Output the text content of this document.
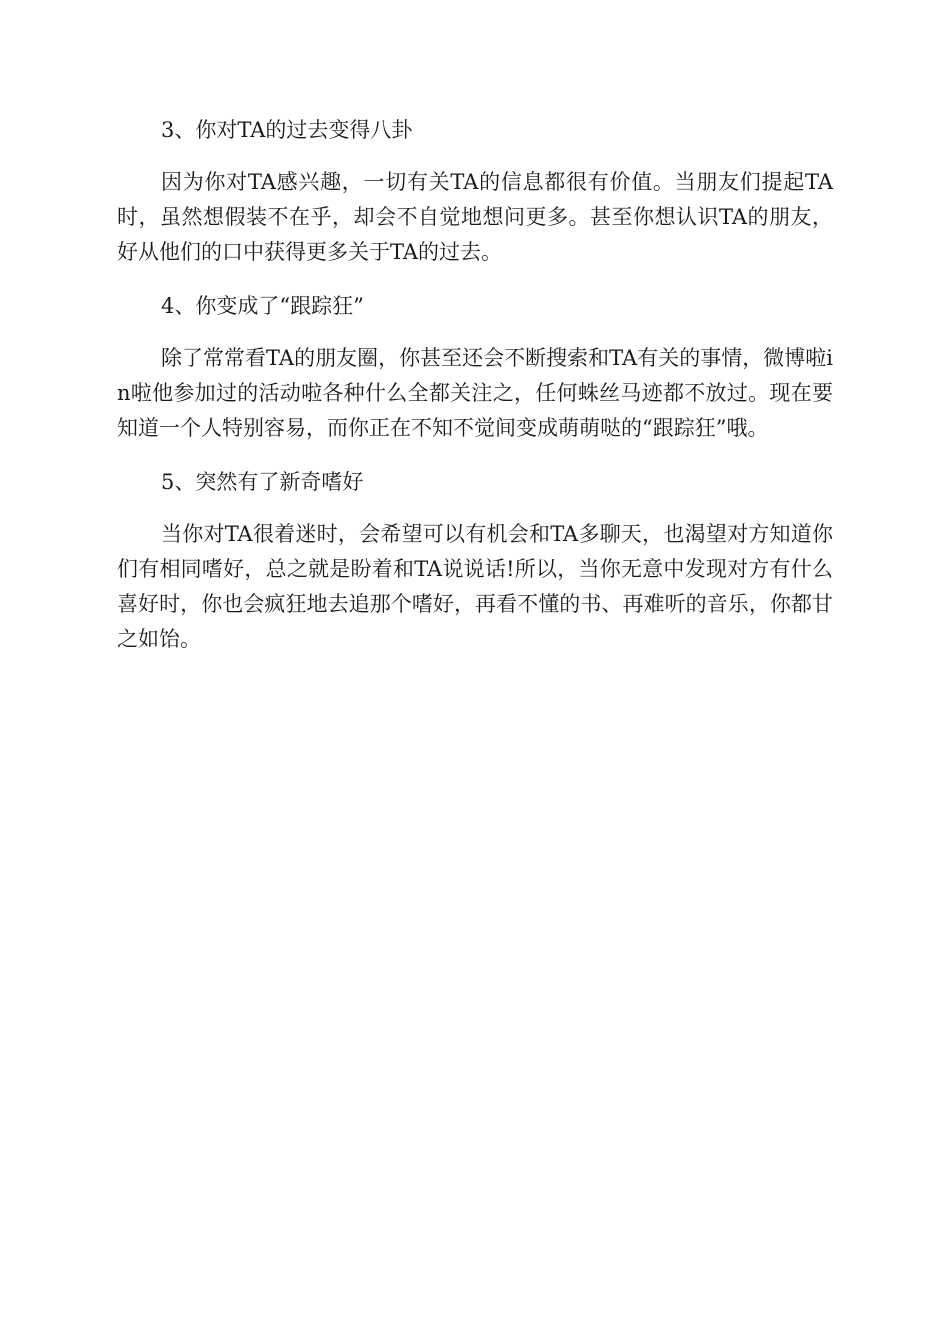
3、你对TA的过去变得八卦

因为你对TA感兴趣，一切有关TA的信息都很有价值。当朋友们提起TA时，虽然想假装不在乎，却会不自觉地想问更多。甚至你想认识TA的朋友，好从他们的口中获得更多关于TA的过去。

4、你变成了“跟踪狂”

除了常常看TA的朋友圈，你甚至还会不断搜索和TA有关的事情，微博啦in啦他参加过的活动啦各种什么全都关注之，任何蛛丝马迹都不放过。现在要知道一个人特别容易，而你正在不知不觉间变成萌萌哒的“跟踪狂”哦。

5、突然有了新奇嗜好

当你对TA很着迷时，会希望可以有机会和TA多聊天，也渴望对方知道你们有相同嗜好，总之就是盼着和TA说说话!所以，当你无意中发现对方有什么喜好时，你也会疯狂地去追那个嗜好，再看不懂的书、再难听的音乐，你都甘之如饴。
